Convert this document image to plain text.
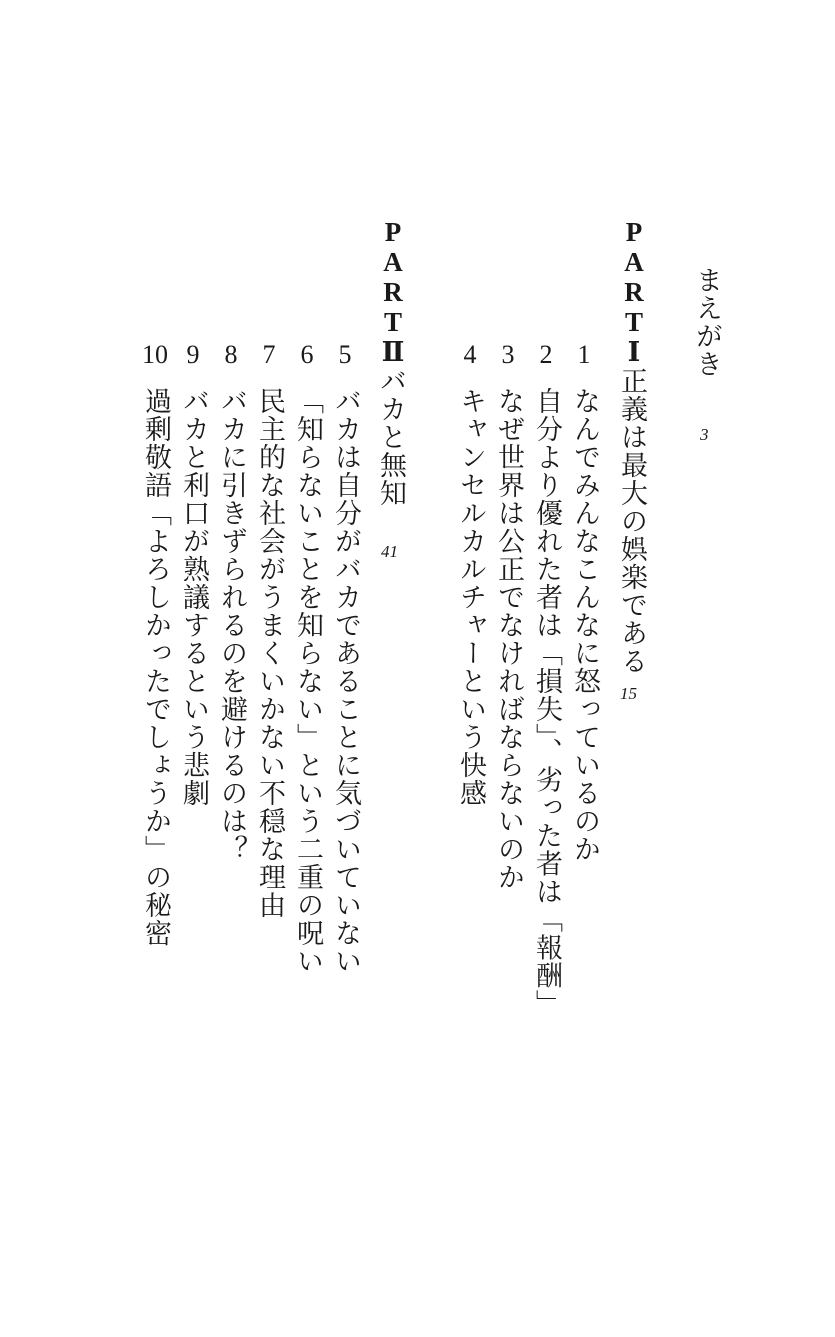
まえがき
3
P
A
R
T
Ⅰ
正義は最大の娯楽である
15
1
なんでみんなこんなに怒っているのか
2
自分より優れた者は「損失」、劣った者は「報酬」
3
なぜ世界は公正でなければならないのか
4
キャンセルカルチャーという快感
P
A
R
T
Ⅱ
バカと無知
41
5
バカは自分がバカであることに気づいていない
6
「知らないことを知らない」という二重の呪い
7
民主的な社会がうまくいかない不穏な理由
8
バカに引きずられるのを避けるのは？
9
バカと利口が熟議するという悲劇
10
過剰敬語「よろしかったでしょうか」の秘密
